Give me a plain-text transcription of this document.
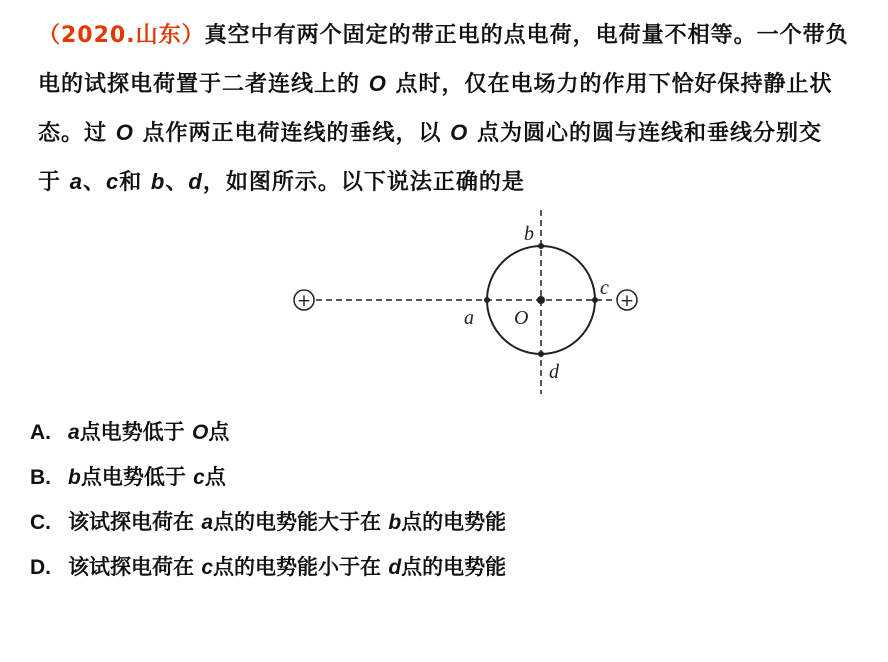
（2020.山东）真空中有两个固定的带正电的点电荷，电荷量不相等。一个带负电的试探电荷置于二者连线上的 O 点时，仅在电场力的作用下恰好保持静止状态。过 O 点作两正电荷连线的垂线，以 O 点为圆心的圆与连线和垂线分别交于 a、c和 b、d，如图所示。以下说法正确的是
+	+
a O
b
c
d
A. a点电势低于 O点
B. b点电势低于 c点
C. 该试探电荷在 a点的电势能大于在 b点的电势能
D. 该试探电荷在 c点的电势能小于在 d点的电势能
